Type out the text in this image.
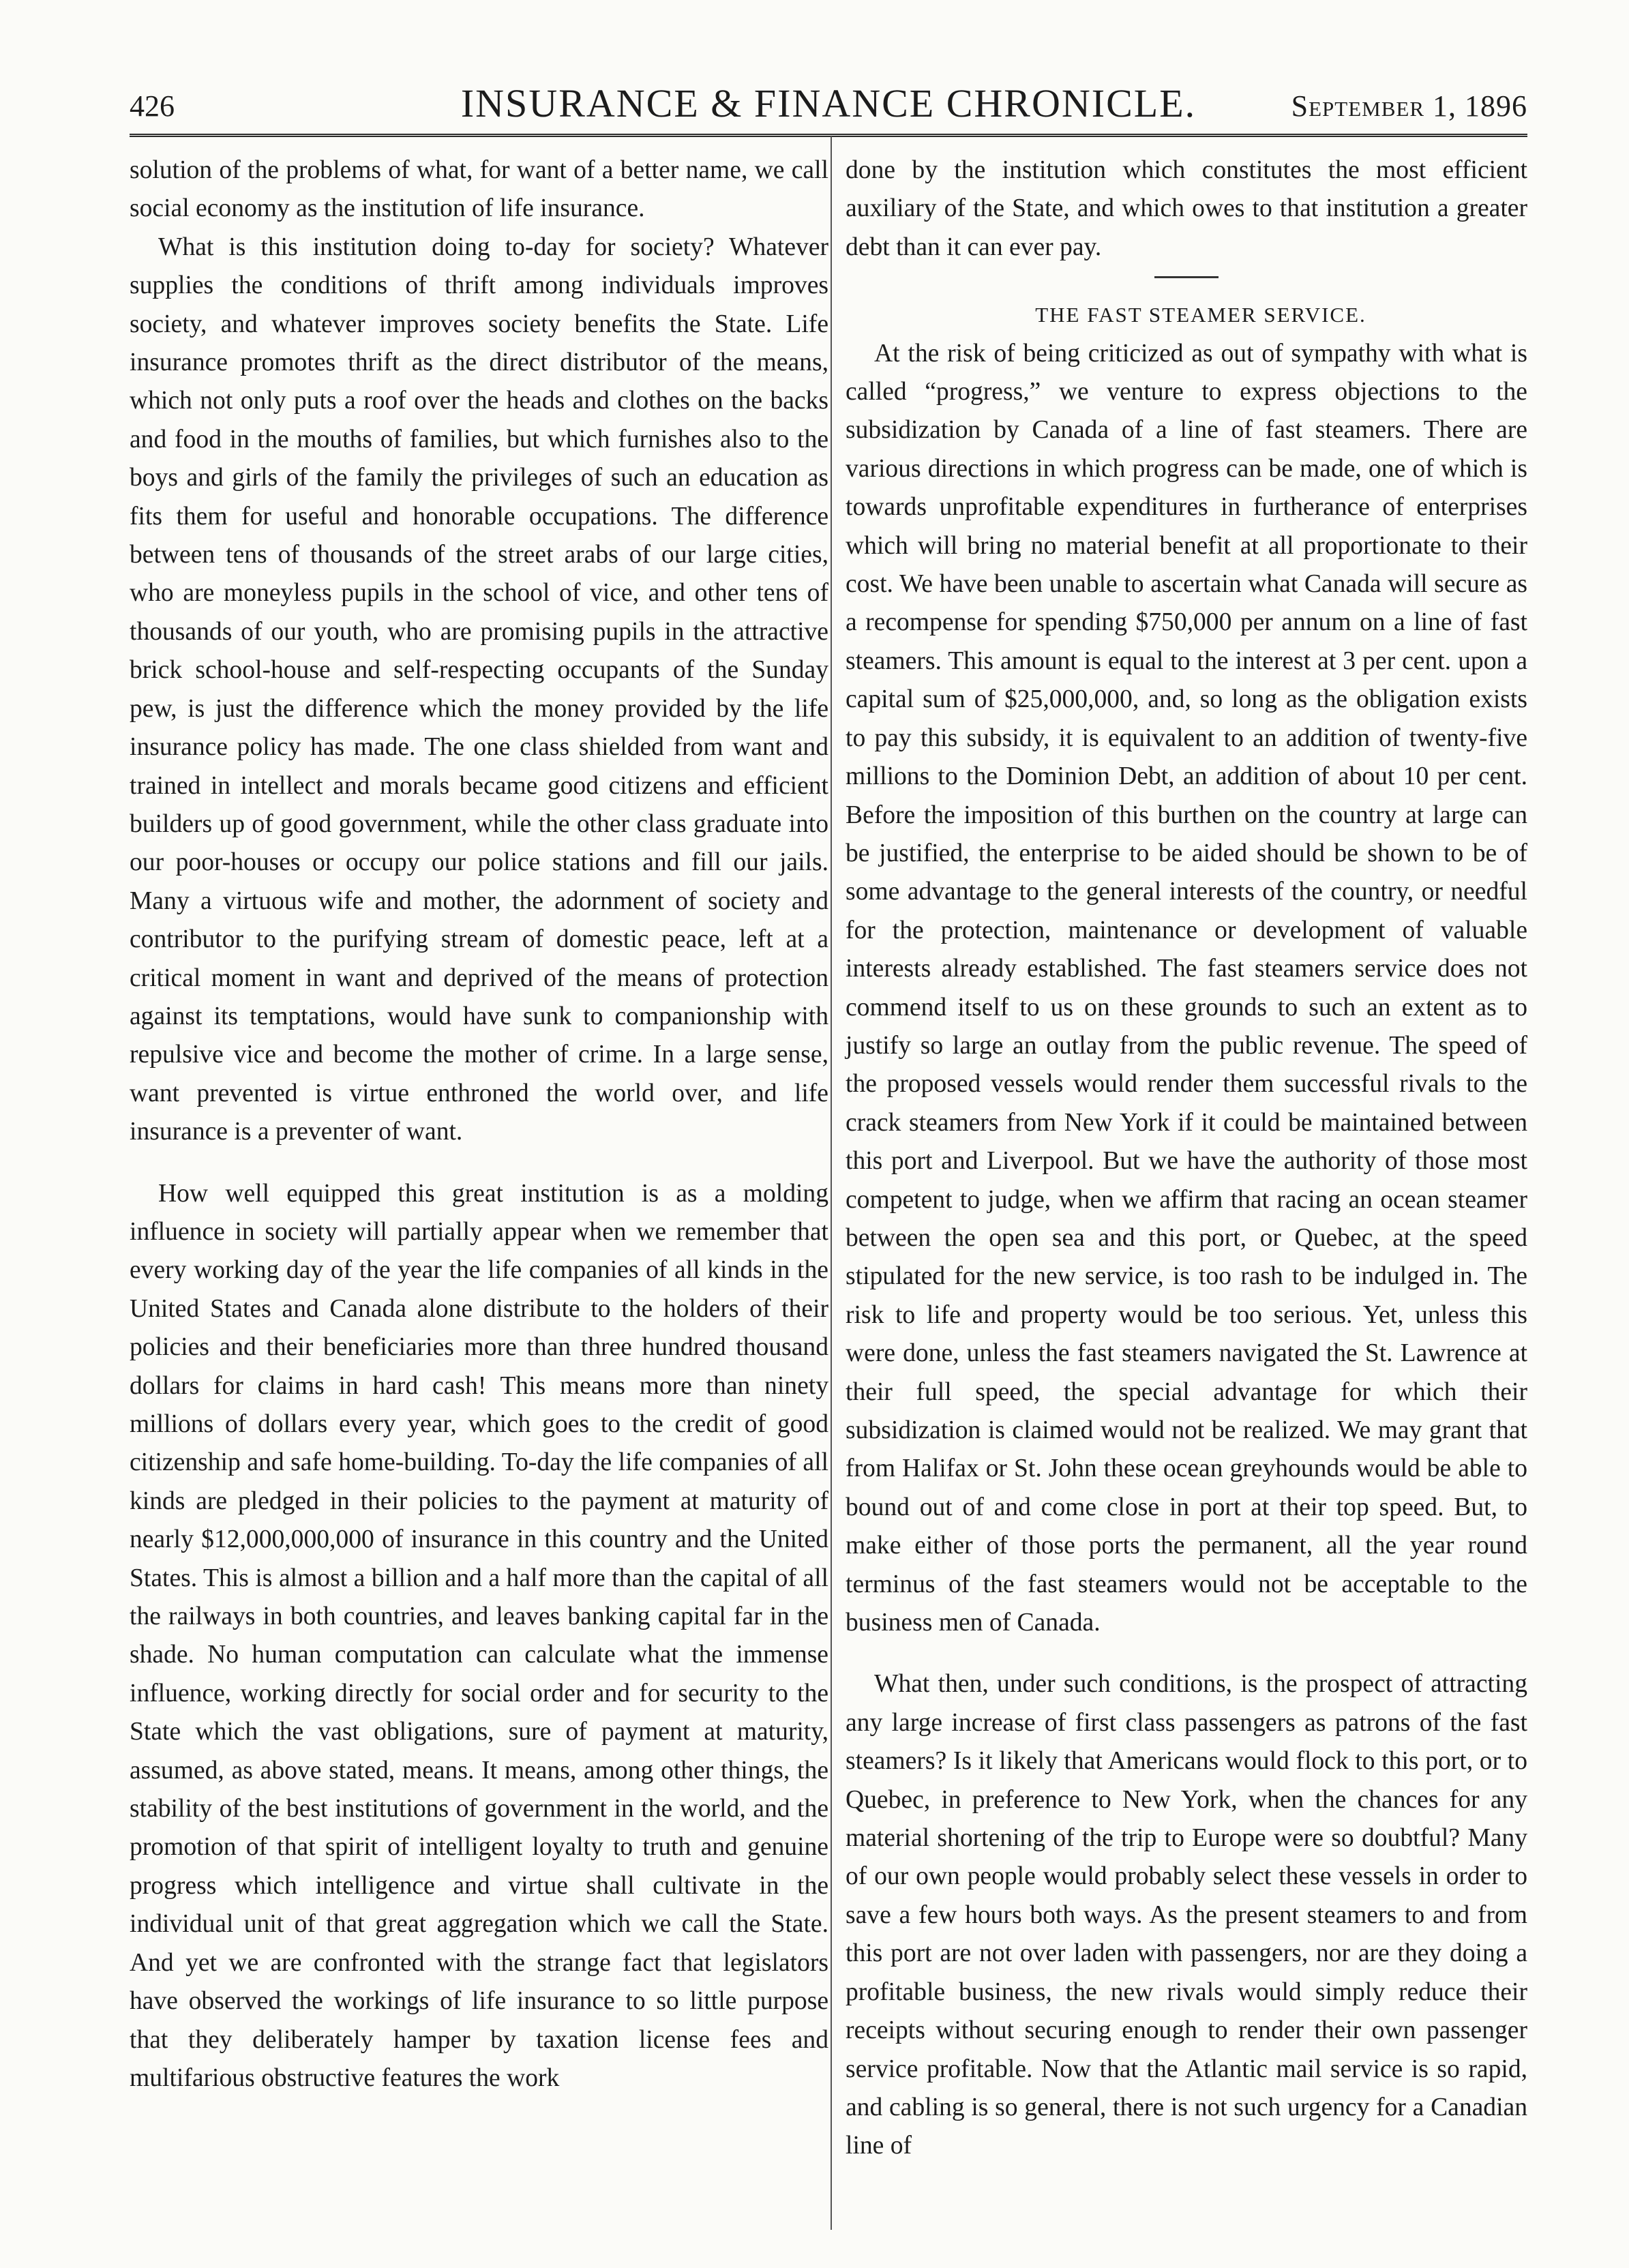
426	INSURANCE & FINANCE CHRONICLE.	September 1, 1896

solution of the problems of what, for want of a better name, we call social economy as the institution of life insurance.

What is this institution doing to-day for society? Whatever supplies the conditions of thrift among individuals improves society, and whatever improves society benefits the State. Life insurance promotes thrift as the direct distributor of the means, which not only puts a roof over the heads and clothes on the backs and food in the mouths of families, but which furnishes also to the boys and girls of the family the privileges of such an education as fits them for useful and honorable occupations. The difference between tens of thousands of the street arabs of our large cities, who are moneyless pupils in the school of vice, and other tens of thousands of our youth, who are promising pupils in the attractive brick school-house and self-respecting occupants of the Sunday pew, is just the difference which the money provided by the life insurance policy has made. The one class shielded from want and trained in intellect and morals became good citizens and efficient builders up of good government, while the other class graduate into our poor-houses or occupy our police stations and fill our jails. Many a virtuous wife and mother, the adornment of society and contributor to the purifying stream of domestic peace, left at a critical moment in want and deprived of the means of protection against its temptations, would have sunk to companionship with repulsive vice and become the mother of crime. In a large sense, want prevented is virtue enthroned the world over, and life insurance is a preventer of want.

How well equipped this great institution is as a molding influence in society will partially appear when we remember that every working day of the year the life companies of all kinds in the United States and Canada alone distribute to the holders of their policies and their beneficiaries more than three hundred thousand dollars for claims in hard cash! This means more than ninety millions of dollars every year, which goes to the credit of good citizenship and safe home-building. To-day the life companies of all kinds are pledged in their policies to the payment at maturity of nearly $12,000,000,000 of insurance in this country and the United States. This is almost a billion and a half more than the capital of all the railways in both countries, and leaves banking capital far in the shade. No human computation can calculate what the immense influence, working directly for social order and for security to the State which the vast obligations, sure of payment at maturity, assumed, as above stated, means. It means, among other things, the stability of the best institutions of government in the world, and the promotion of that spirit of intelligent loyalty to truth and genuine progress which intelligence and virtue shall cultivate in the individual unit of that great aggregation which we call the State. And yet we are confronted with the strange fact that legislators have observed the workings of life insurance to so little purpose that they deliberately hamper by taxation license fees and multifarious obstructive features the work

done by the institution which constitutes the most efficient auxiliary of the State, and which owes to that institution a greater debt than it can ever pay.

THE FAST STEAMER SERVICE.

At the risk of being criticized as out of sympathy with what is called “progress,” we venture to express objections to the subsidization by Canada of a line of fast steamers. There are various directions in which progress can be made, one of which is towards unprofitable expenditures in furtherance of enterprises which will bring no material benefit at all proportionate to their cost. We have been unable to ascertain what Canada will secure as a recompense for spending $750,000 per annum on a line of fast steamers. This amount is equal to the interest at 3 per cent. upon a capital sum of $25,000,000, and, so long as the obligation exists to pay this subsidy, it is equivalent to an addition of twenty-five millions to the Dominion Debt, an addition of about 10 per cent. Before the imposition of this burthen on the country at large can be justified, the enterprise to be aided should be shown to be of some advantage to the general interests of the country, or needful for the protection, maintenance or development of valuable interests already established. The fast steamers service does not commend itself to us on these grounds to such an extent as to justify so large an outlay from the public revenue. The speed of the proposed vessels would render them successful rivals to the crack steamers from New York if it could be maintained between this port and Liverpool. But we have the authority of those most competent to judge, when we affirm that racing an ocean steamer between the open sea and this port, or Quebec, at the speed stipulated for the new service, is too rash to be indulged in. The risk to life and property would be too serious. Yet, unless this were done, unless the fast steamers navigated the St. Lawrence at their full speed, the special advantage for which their subsidization is claimed would not be realized. We may grant that from Halifax or St. John these ocean greyhounds would be able to bound out of and come close in port at their top speed. But, to make either of those ports the permanent, all the year round terminus of the fast steamers would not be acceptable to the business men of Canada.

What then, under such conditions, is the prospect of attracting any large increase of first class passengers as patrons of the fast steamers? Is it likely that Americans would flock to this port, or to Quebec, in preference to New York, when the chances for any material shortening of the trip to Europe were so doubtful? Many of our own people would probably select these vessels in order to save a few hours both ways. As the present steamers to and from this port are not over laden with passengers, nor are they doing a profitable business, the new rivals would simply reduce their receipts without securing enough to render their own passenger service profitable. Now that the Atlantic mail service is so rapid, and cabling is so general, there is not such urgency for a Canadian line of
